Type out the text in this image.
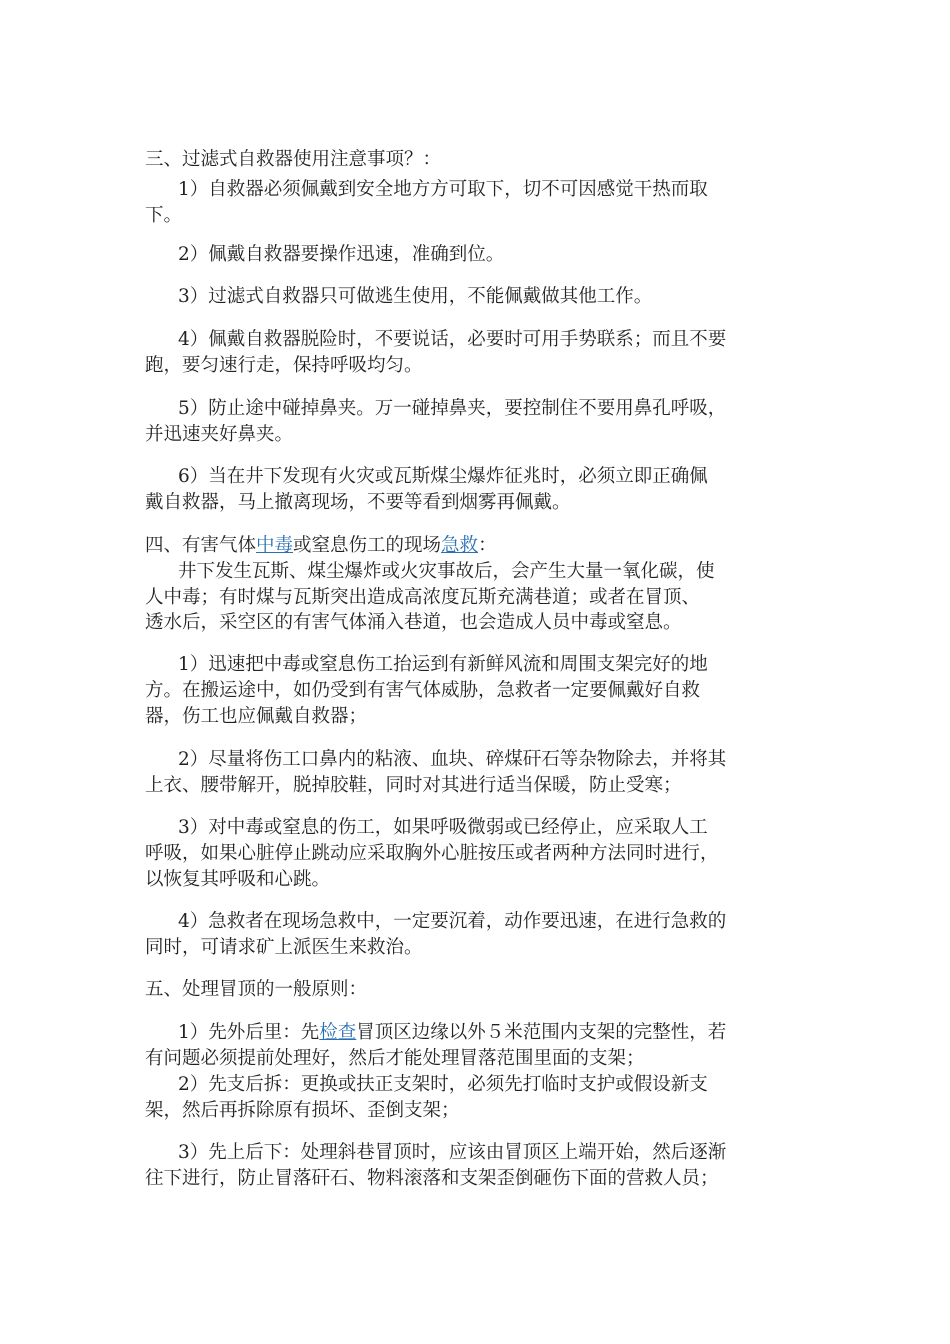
三、过滤式自救器使用注意事项？：
1）自救器必须佩戴到安全地方方可取下，切不可因感觉干热而取
下。
2）佩戴自救器要操作迅速，准确到位。
3）过滤式自救器只可做逃生使用，不能佩戴做其他工作。
4）佩戴自救器脱险时，不要说话，必要时可用手势联系；而且不要
跑，要匀速行走，保持呼吸均匀。
5）防止途中碰掉鼻夹。万一碰掉鼻夹，要控制住不要用鼻孔呼吸，
并迅速夹好鼻夹。
6）当在井下发现有火灾或瓦斯煤尘爆炸征兆时，必须立即正确佩
戴自救器，马上撤离现场，不要等看到烟雾再佩戴。
四、有害气体中毒或窒息伤工的现场急救：
井下发生瓦斯、煤尘爆炸或火灾事故后，会产生大量一氧化碳，使
人中毒；有时煤与瓦斯突出造成高浓度瓦斯充满巷道；或者在冒顶、
透水后，采空区的有害气体涌入巷道，也会造成人员中毒或窒息。
1）迅速把中毒或窒息伤工抬运到有新鲜风流和周围支架完好的地
方。在搬运途中，如仍受到有害气体威胁，急救者一定要佩戴好自救
器，伤工也应佩戴自救器；
2）尽量将伤工口鼻内的粘液、血块、碎煤矸石等杂物除去，并将其
上衣、腰带解开，脱掉胶鞋，同时对其进行适当保暖，防止受寒；
3）对中毒或窒息的伤工，如果呼吸微弱或已经停止，应采取人工
呼吸，如果心脏停止跳动应采取胸外心脏按压或者两种方法同时进行，
以恢复其呼吸和心跳。
4）急救者在现场急救中，一定要沉着，动作要迅速，在进行急救的
同时，可请求矿上派医生来救治。
五、处理冒顶的一般原则：
1）先外后里：先检查冒顶区边缘以外５米范围内支架的完整性，若
有问题必须提前处理好，然后才能处理冒落范围里面的支架；
2）先支后拆：更换或扶正支架时，必须先打临时支护或假设新支
架，然后再拆除原有损坏、歪倒支架；
3）先上后下：处理斜巷冒顶时，应该由冒顶区上端开始，然后逐渐
往下进行，防止冒落矸石、物料滚落和支架歪倒砸伤下面的营救人员；
